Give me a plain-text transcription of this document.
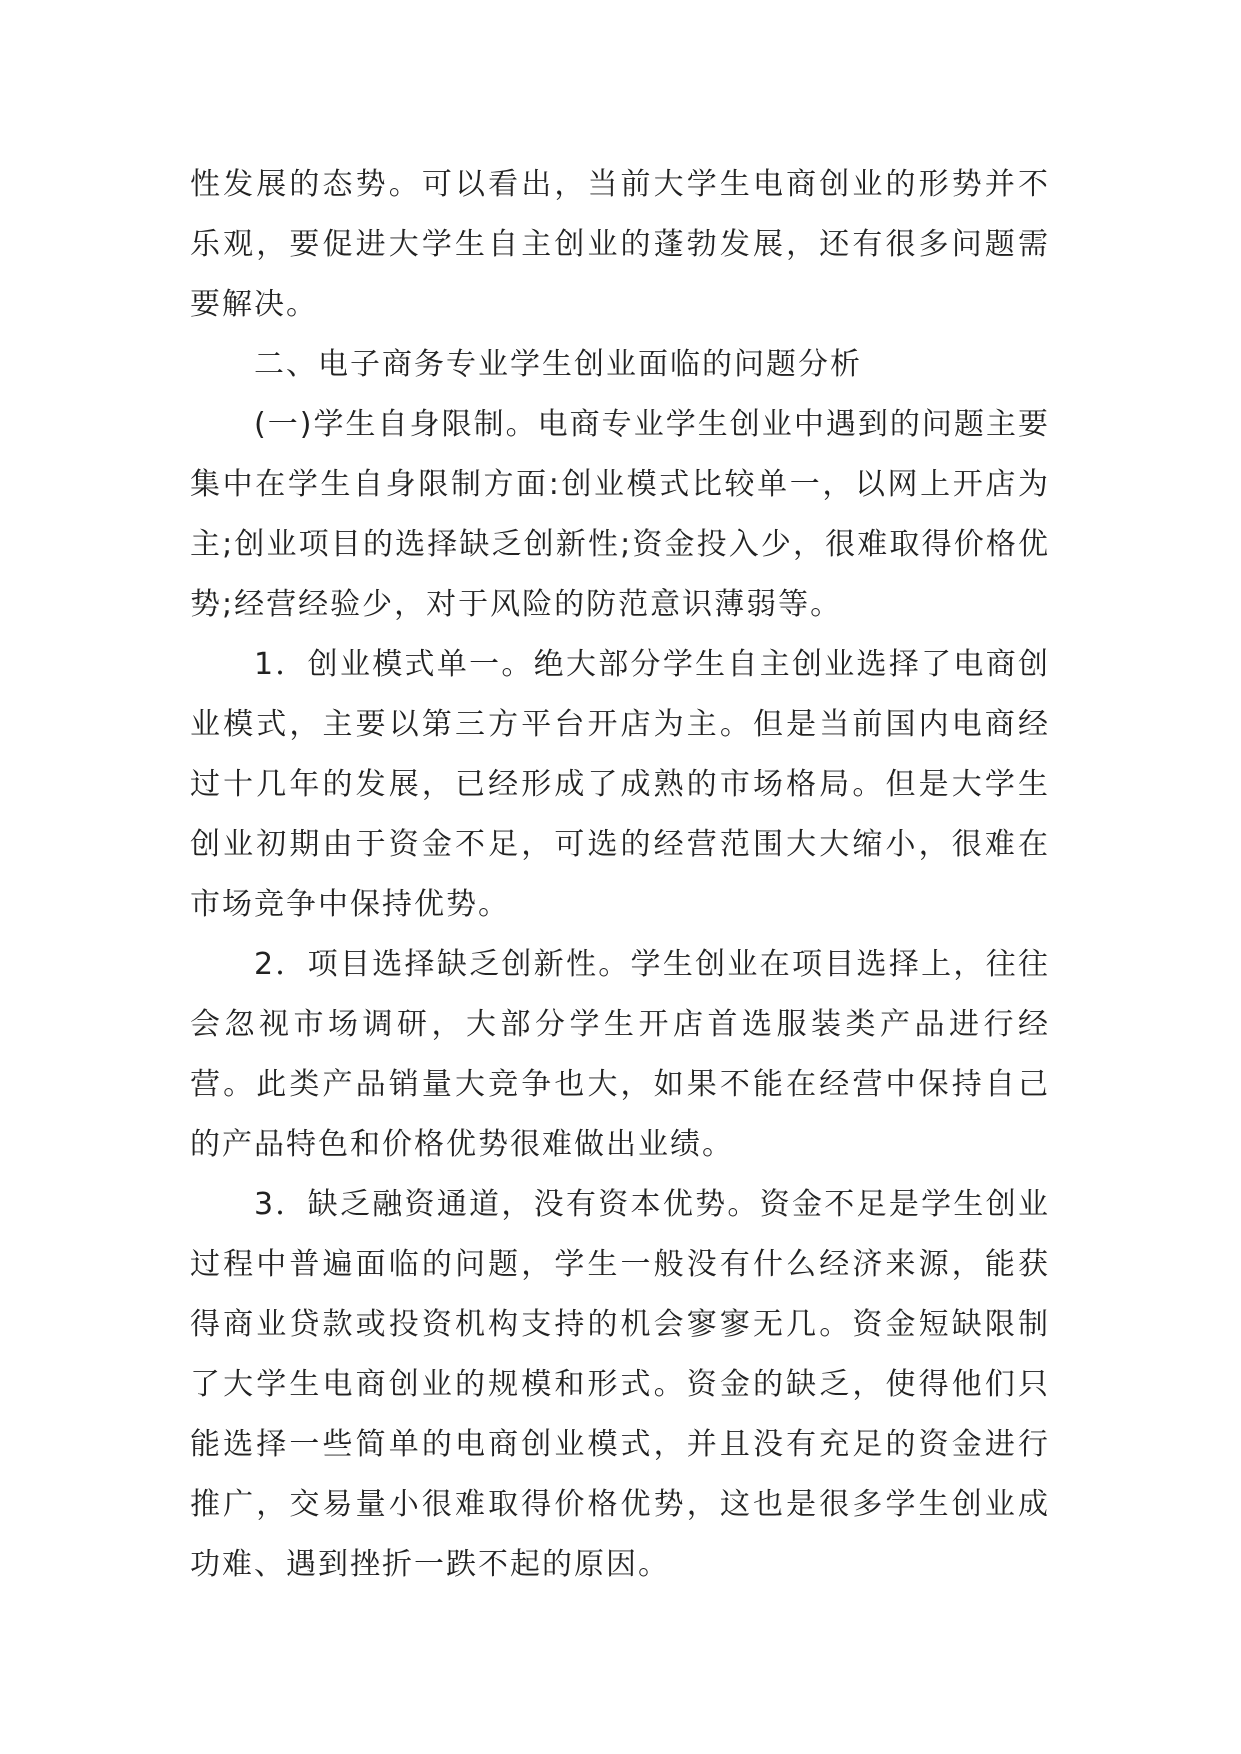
性发展的态势。可以看出，当前大学生电商创业的形势并不乐观，要促进大学生自主创业的蓬勃发展，还有很多问题需要解决。

二、电子商务专业学生创业面临的问题分析

(一)学生自身限制。电商专业学生创业中遇到的问题主要集中在学生自身限制方面:创业模式比较单一，以网上开店为主;创业项目的选择缺乏创新性;资金投入少，很难取得价格优势;经营经验少，对于风险的防范意识薄弱等。

1．创业模式单一。绝大部分学生自主创业选择了电商创业模式，主要以第三方平台开店为主。但是当前国内电商经过十几年的发展，已经形成了成熟的市场格局。但是大学生创业初期由于资金不足，可选的经营范围大大缩小，很难在市场竞争中保持优势。

2．项目选择缺乏创新性。学生创业在项目选择上，往往会忽视市场调研，大部分学生开店首选服装类产品进行经营。此类产品销量大竞争也大，如果不能在经营中保持自己的产品特色和价格优势很难做出业绩。

3．缺乏融资通道，没有资本优势。资金不足是学生创业过程中普遍面临的问题，学生一般没有什么经济来源，能获得商业贷款或投资机构支持的机会寥寥无几。资金短缺限制了大学生电商创业的规模和形式。资金的缺乏，使得他们只能选择一些简单的电商创业模式，并且没有充足的资金进行推广，交易量小很难取得价格优势，这也是很多学生创业成功难、遇到挫折一跌不起的原因。
